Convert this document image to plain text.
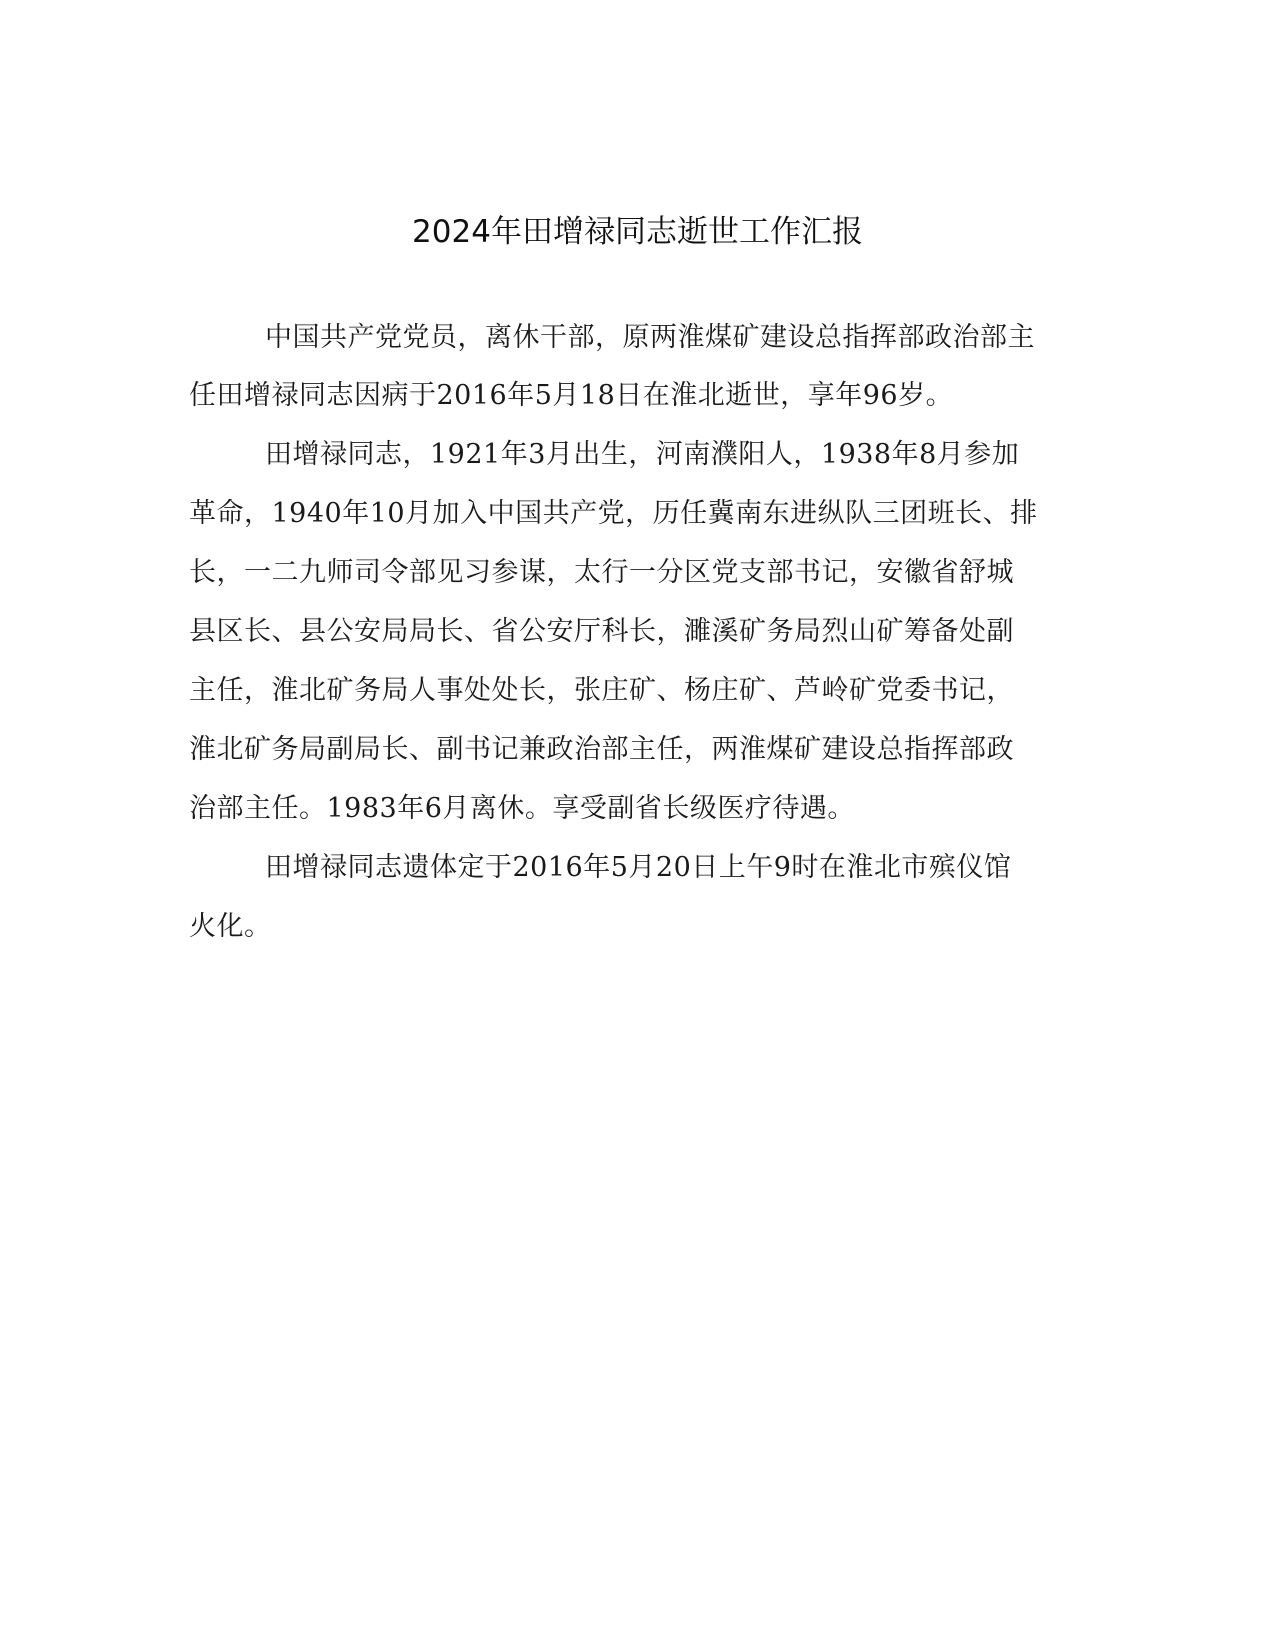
2024年田增禄同志逝世工作汇报
中国共产党党员，离休干部，原两淮煤矿建设总指挥部政治部主
任田增禄同志因病于2016年5月18日在淮北逝世，享年96岁。
田增禄同志，1921年3月出生，河南濮阳人，1938年8月参加
革命，1940年10月加入中国共产党，历任冀南东进纵队三团班长、排
长，一二九师司令部见习参谋，太行一分区党支部书记，安徽省舒城
县区长、县公安局局长、省公安厅科长，濉溪矿务局烈山矿筹备处副
主任，淮北矿务局人事处处长，张庄矿、杨庄矿、芦岭矿党委书记，
淮北矿务局副局长、副书记兼政治部主任，两淮煤矿建设总指挥部政
治部主任。1983年6月离休。享受副省长级医疗待遇。
田增禄同志遗体定于2016年5月20日上午9时在淮北市殡仪馆
火化。
